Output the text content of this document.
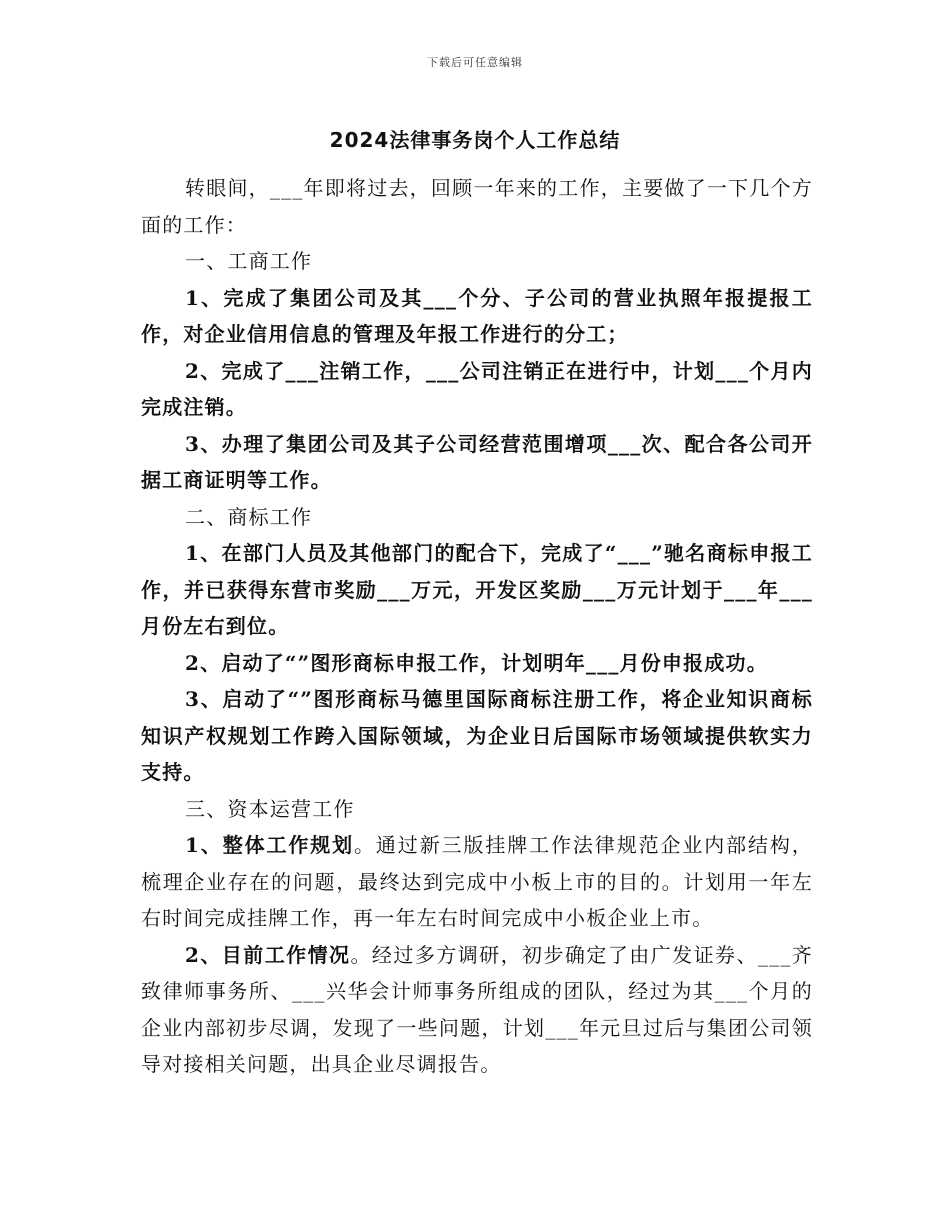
下载后可任意编辑
2024法律事务岗个人工作总结

转眼间，___年即将过去，回顾一年来的工作，主要做了一下几个方面的工作：

一、工商工作

1、完成了集团公司及其___个分、子公司的营业执照年报提报工作，对企业信用信息的管理及年报工作进行的分工；

2、完成了___注销工作，___公司注销正在进行中，计划___个月内完成注销。

3、办理了集团公司及其子公司经营范围增项___次、配合各公司开据工商证明等工作。

二、商标工作

1、在部门人员及其他部门的配合下，完成了“___”驰名商标申报工作，并已获得东营市奖励___万元，开发区奖励___万元计划于___年___月份左右到位。

2、启动了“”图形商标申报工作，计划明年___月份申报成功。

3、启动了“”图形商标马德里国际商标注册工作，将企业知识商标知识产权规划工作跨入国际领域，为企业日后国际市场领域提供软实力支持。

三、资本运营工作

1、整体工作规划。通过新三版挂牌工作法律规范企业内部结构，梳理企业存在的问题，最终达到完成中小板上市的目的。计划用一年左右时间完成挂牌工作，再一年左右时间完成中小板企业上市。

2、目前工作情况。经过多方调研，初步确定了由广发证券、___齐致律师事务所、___兴华会计师事务所组成的团队，经过为其___个月的企业内部初步尽调，发现了一些问题，计划___年元旦过后与集团公司领导对接相关问题，出具企业尽调报告。
